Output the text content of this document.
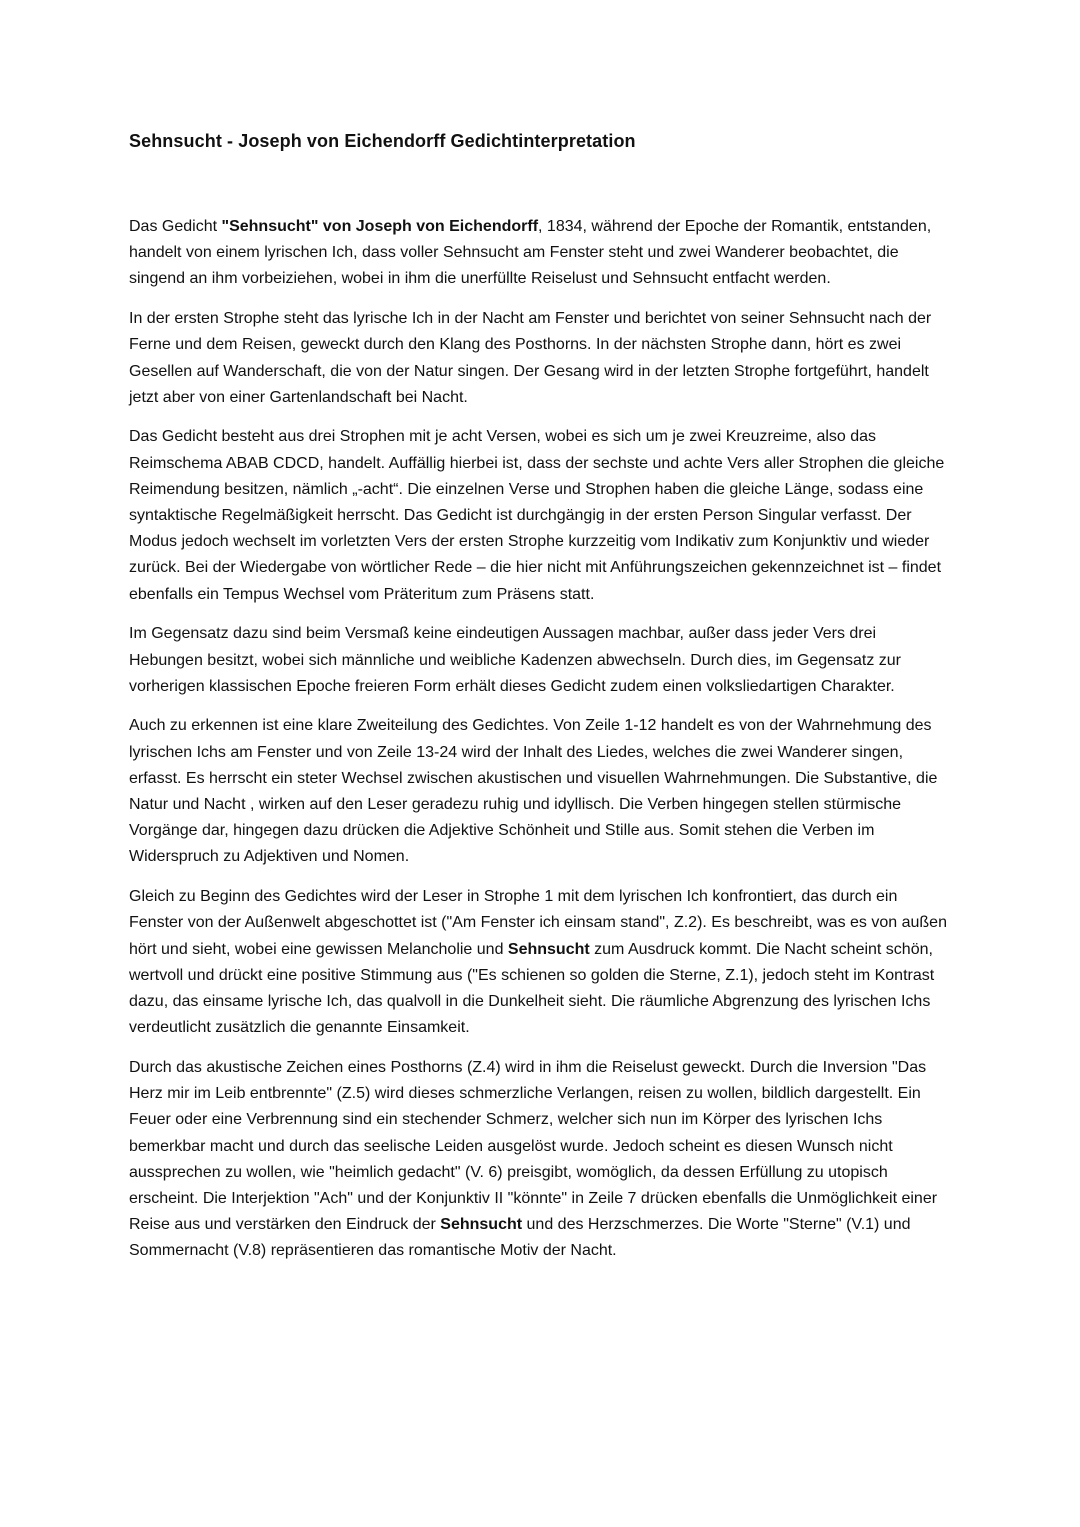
Sehnsucht - Joseph von Eichendorff Gedichtinterpretation

Das Gedicht "Sehnsucht" von Joseph von Eichendorff, 1834, während der Epoche der Romantik, entstanden, handelt von einem lyrischen Ich, dass voller Sehnsucht am Fenster steht und zwei Wanderer beobachtet, die singend an ihm vorbeiziehen, wobei in ihm die unerfüllte Reiselust und Sehnsucht entfacht werden.

In der ersten Strophe steht das lyrische Ich in der Nacht am Fenster und berichtet von seiner Sehnsucht nach der Ferne und dem Reisen, geweckt durch den Klang des Posthorns. In der nächsten Strophe dann, hört es zwei Gesellen auf Wanderschaft, die von der Natur singen. Der Gesang wird in der letzten Strophe fortgeführt, handelt jetzt aber von einer Gartenlandschaft bei Nacht.

Das Gedicht besteht aus drei Strophen mit je acht Versen, wobei es sich um je zwei Kreuzreime, also das Reimschema ABAB CDCD, handelt. Auffällig hierbei ist, dass der sechste und achte Vers aller Strophen die gleiche Reimendung besitzen, nämlich „-acht“. Die einzelnen Verse und Strophen haben die gleiche Länge, sodass eine syntaktische Regelmäßigkeit herrscht. Das Gedicht ist durchgängig in der ersten Person Singular verfasst. Der Modus jedoch wechselt im vorletzten Vers der ersten Strophe kurzzeitig vom Indikativ zum Konjunktiv und wieder zurück. Bei der Wiedergabe von wörtlicher Rede – die hier nicht mit Anführungszeichen gekennzeichnet ist – findet ebenfalls ein Tempus Wechsel vom Präteritum zum Präsens statt.

Im Gegensatz dazu sind beim Versmaß keine eindeutigen Aussagen machbar, außer dass jeder Vers drei Hebungen besitzt, wobei sich männliche und weibliche Kadenzen abwechseln. Durch dies, im Gegensatz zur vorherigen klassischen Epoche freieren Form erhält dieses Gedicht zudem einen volksliedartigen Charakter.

Auch zu erkennen ist eine klare Zweiteilung des Gedichtes. Von Zeile 1-12 handelt es von der Wahrnehmung des lyrischen Ichs am Fenster und von Zeile 13-24 wird der Inhalt des Liedes, welches die zwei Wanderer singen, erfasst. Es herrscht ein steter Wechsel zwischen akustischen und visuellen Wahrnehmungen. Die Substantive, die Natur und Nacht , wirken auf den Leser geradezu ruhig und idyllisch. Die Verben hingegen stellen stürmische Vorgänge dar, hingegen dazu drücken die Adjektive Schönheit und Stille aus. Somit stehen die Verben im Widerspruch zu Adjektiven und Nomen.

Gleich zu Beginn des Gedichtes wird der Leser in Strophe 1 mit dem lyrischen Ich konfrontiert, das durch ein Fenster von der Außenwelt abgeschottet ist ("Am Fenster ich einsam stand", Z.2). Es beschreibt, was es von außen hört und sieht, wobei eine gewissen Melancholie und Sehnsucht zum Ausdruck kommt. Die Nacht scheint schön, wertvoll und drückt eine positive Stimmung aus ("Es schienen so golden die Sterne, Z.1), jedoch steht im Kontrast dazu, das einsame lyrische Ich, das qualvoll in die Dunkelheit sieht. Die räumliche Abgrenzung des lyrischen Ichs verdeutlicht zusätzlich die genannte Einsamkeit.

Durch das akustische Zeichen eines Posthorns (Z.4) wird in ihm die Reiselust geweckt. Durch die Inversion "Das Herz mir im Leib entbrennte" (Z.5) wird dieses schmerzliche Verlangen, reisen zu wollen, bildlich dargestellt. Ein Feuer oder eine Verbrennung sind ein stechender Schmerz, welcher sich nun im Körper des lyrischen Ichs bemerkbar macht und durch das seelische Leiden ausgelöst wurde. Jedoch scheint es diesen Wunsch nicht aussprechen zu wollen, wie "heimlich gedacht" (V. 6) preisgibt, womöglich, da dessen Erfüllung zu utopisch erscheint. Die Interjektion "Ach" und der Konjunktiv II "könnte" in Zeile 7 drücken ebenfalls die Unmöglichkeit einer Reise aus und verstärken den Eindruck der Sehnsucht und des Herzschmerzes. Die Worte "Sterne" (V.1) und Sommernacht (V.8) repräsentieren das romantische Motiv der Nacht.
